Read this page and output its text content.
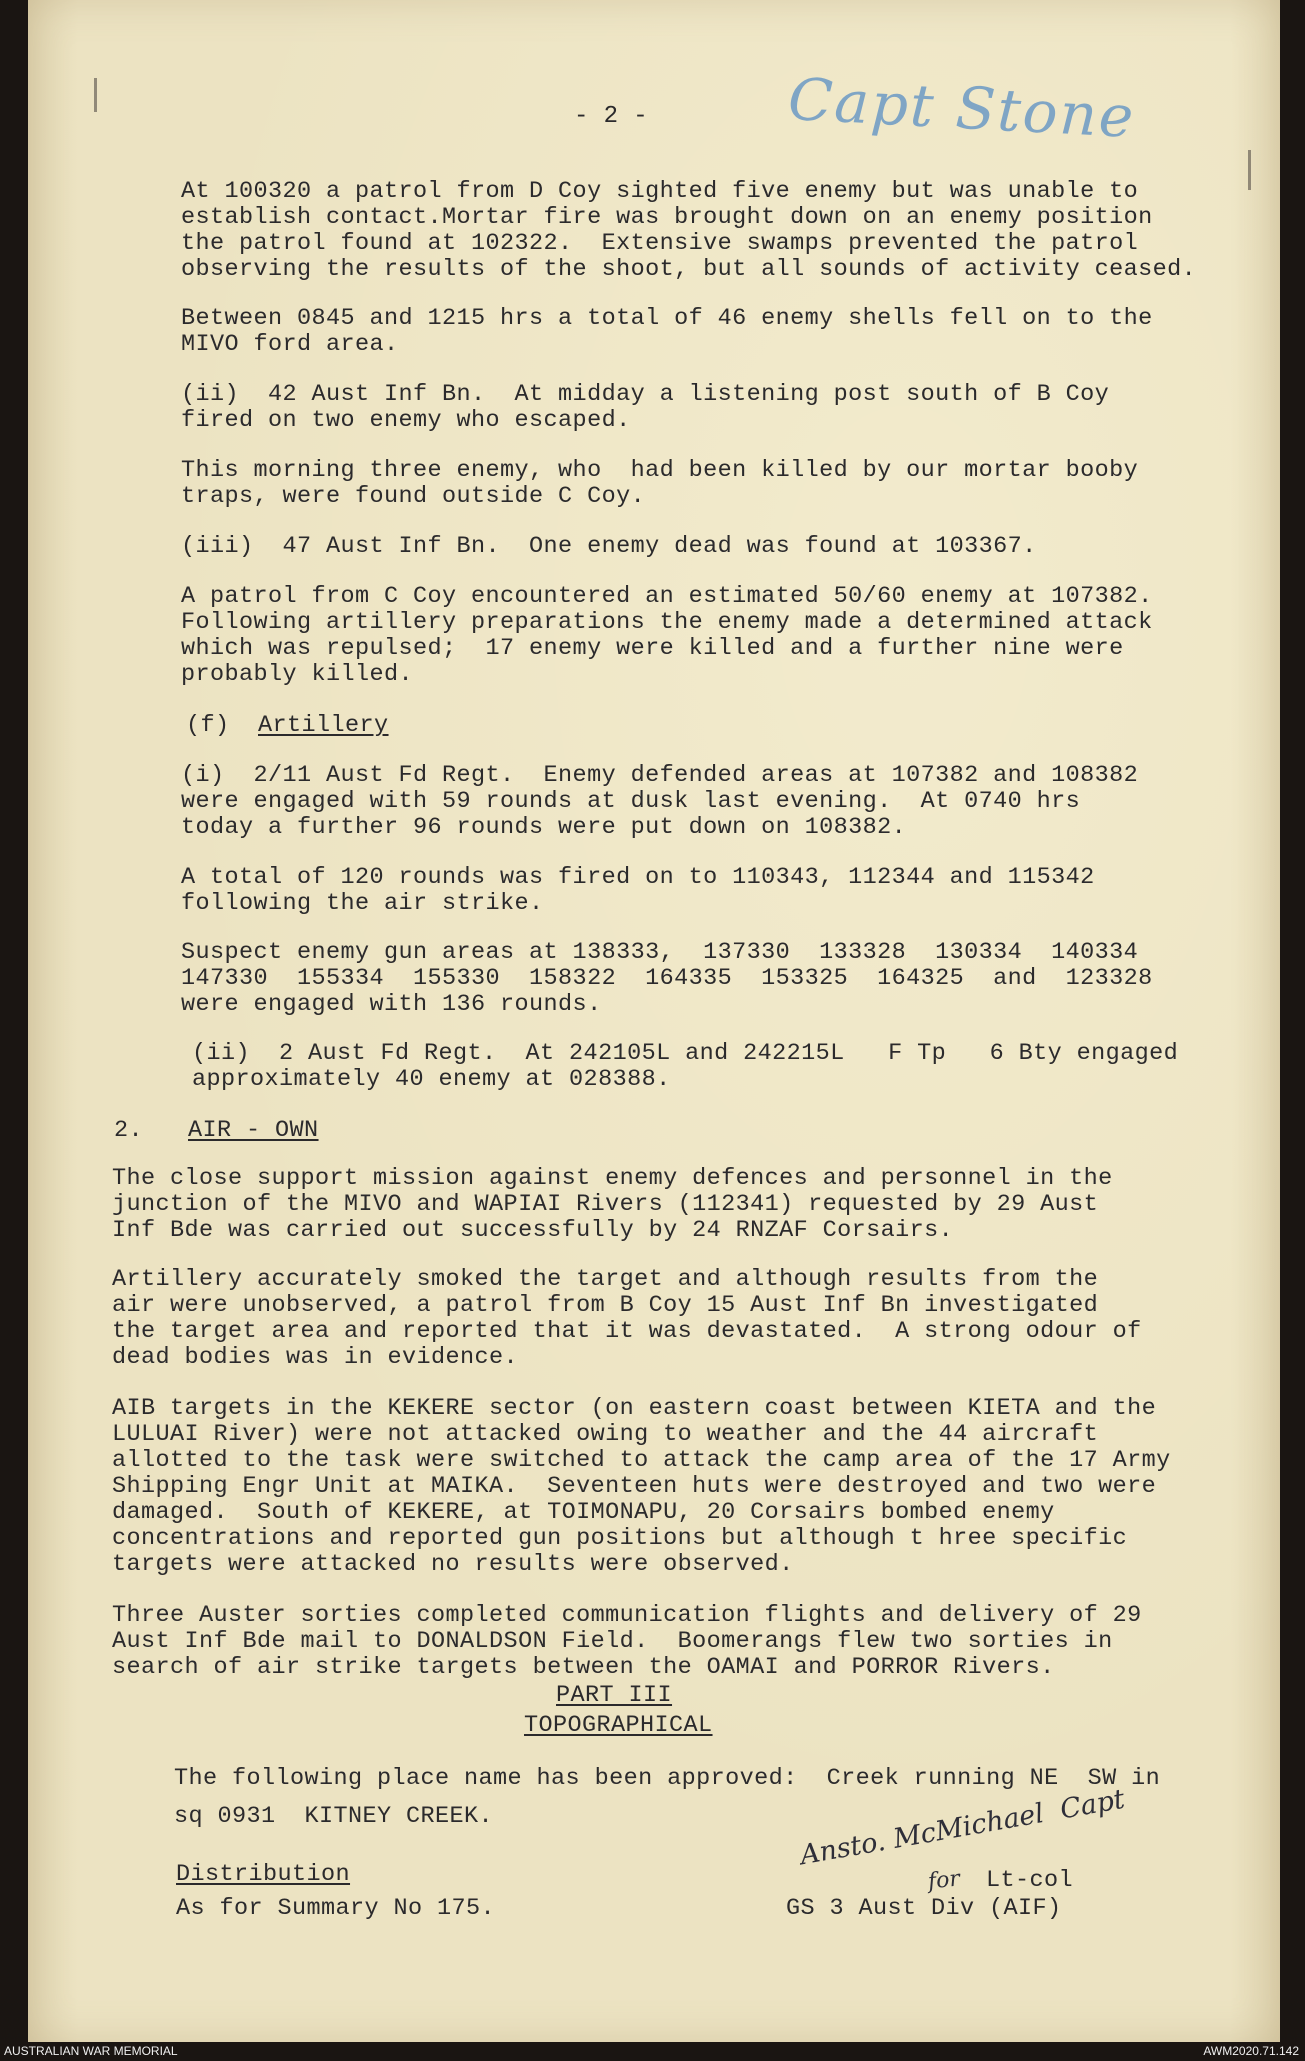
- 2 - Capt Stone

At 100320 a patrol from D Coy sighted five enemy but was unable to

establish contact.Mortar fire was brought down on an enemy position

the patrol found at 102322.  Extensive swamps prevented the patrol

observing the results of the shoot, but all sounds of activity ceased.

Between 0845 and 1215 hrs a total of 46 enemy shells fell on to the

MIVO ford area.

(ii)  42 Aust Inf Bn.  At midday a listening post south of B Coy

fired on two enemy who escaped.

This morning three enemy, who  had been killed by our mortar booby

traps, were found outside C Coy.

(iii)  47 Aust Inf Bn.  One enemy dead was found at 103367.

A patrol from C Coy encountered an estimated 50/60 enemy at 107382.

Following artillery preparations the enemy made a determined attack

which was repulsed;  17 enemy were killed and a further nine were

probably killed.

(f) Artillery

(i)  2/11 Aust Fd Regt.  Enemy defended areas at 107382 and 108382

were engaged with 59 rounds at dusk last evening.  At 0740 hrs

today a further 96 rounds were put down on 108382.

A total of 120 rounds was fired on to 110343, 112344 and 115342

following the air strike.

Suspect enemy gun areas at 138333,  137330  133328  130334  140334

147330  155334  155330  158322  164335  153325  164325  and  123328

were engaged with 136 rounds.

(ii)  2 Aust Fd Regt.  At 242105L and 242215L   F Tp   6 Bty engaged

approximately 40 enemy at 028388.

2. AIR - OWN

The close support mission against enemy defences and personnel in the

junction of the MIVO and WAPIAI Rivers (112341) requested by 29 Aust

Inf Bde was carried out successfully by 24 RNZAF Corsairs.

Artillery accurately smoked the target and although results from the

air were unobserved, a patrol from B Coy 15 Aust Inf Bn investigated

the target area and reported that it was devastated.  A strong odour of

dead bodies was in evidence.

AIB targets in the KEKERE sector (on eastern coast between KIETA and the

LULUAI River) were not attacked owing to weather and the 44 aircraft

allotted to the task were switched to attack the camp area of the 17 Army

Shipping Engr Unit at MAIKA.  Seventeen huts were destroyed and two were

damaged.  South of KEKERE, at TOIMONAPU, 20 Corsairs bombed enemy

concentrations and reported gun positions but although t hree specific

targets were attacked no results were observed.

Three Auster sorties completed communication flights and delivery of 29

Aust Inf Bde mail to DONALDSON Field.  Boomerangs flew two sorties in

search of air strike targets between the OAMAI and PORROR Rivers.

PART III

TOPOGRAPHICAL

The following place name has been approved:  Creek running NE  SW in

sq 0931  KITNEY CREEK.

Distribution

As for Summary No 175.

Ansto. McMichael  Capt
for Lt-col

GS 3 Aust Div (AIF)

AUSTRALIAN WAR MEMORIAL	AWM2020.71.142
